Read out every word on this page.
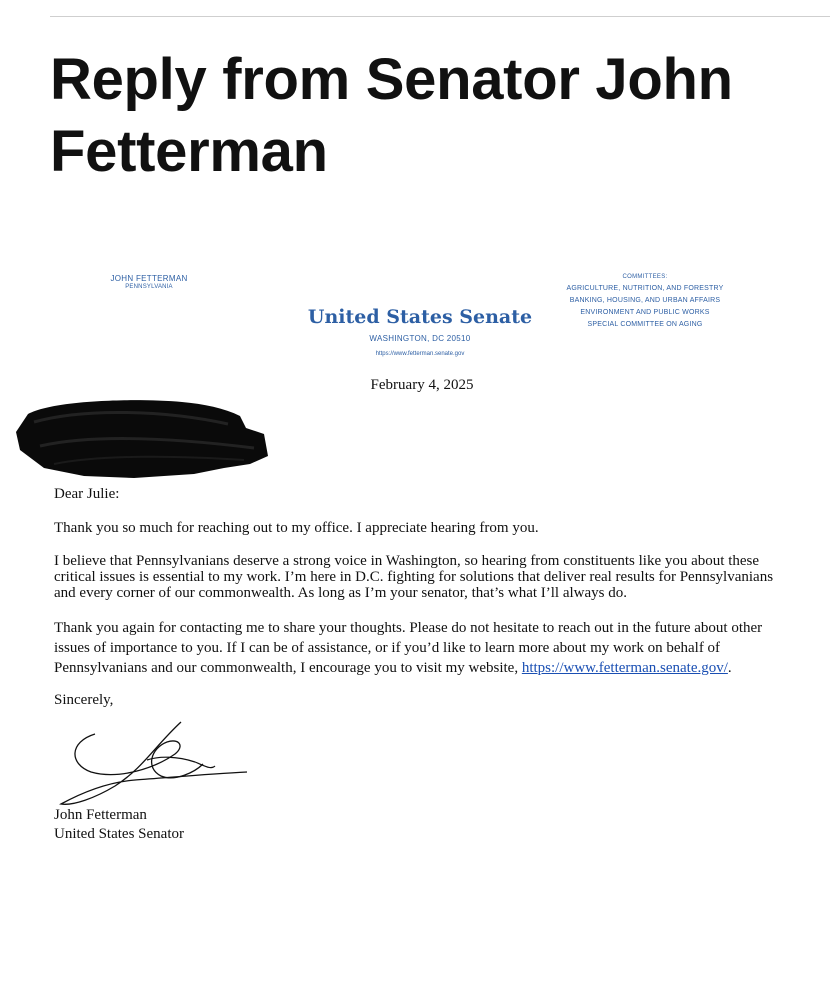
Reply from Senator John Fetterman
JOHN FETTERMAN
PENNSYLVANIA
United States Senate
WASHINGTON, DC 20510
https://www.fetterman.senate.gov
COMMITTEES:
AGRICULTURE, NUTRITION, AND FORESTRY
BANKING, HOUSING, AND URBAN AFFAIRS
ENVIRONMENT AND PUBLIC WORKS
SPECIAL COMMITTEE ON AGING
February 4, 2025

Dear Julie:

Thank you so much for reaching out to my office. I appreciate hearing from you.

I believe that Pennsylvanians deserve a strong voice in Washington, so hearing from constituents like you about these critical issues is essential to my work. I’m here in D.C. fighting for solutions that deliver real results for Pennsylvanians and every corner of our commonwealth. As long as I’m your senator, that’s what I’ll always do.

Thank you again for contacting me to share your thoughts. Please do not hesitate to reach out in the future about other issues of importance to you. If I can be of assistance, or if you’d like to learn more about my work on behalf of Pennsylvanians and our commonwealth, I encourage you to visit my website, https://www.fetterman.senate.gov/.

Sincerely,
John Fetterman
United States Senator
